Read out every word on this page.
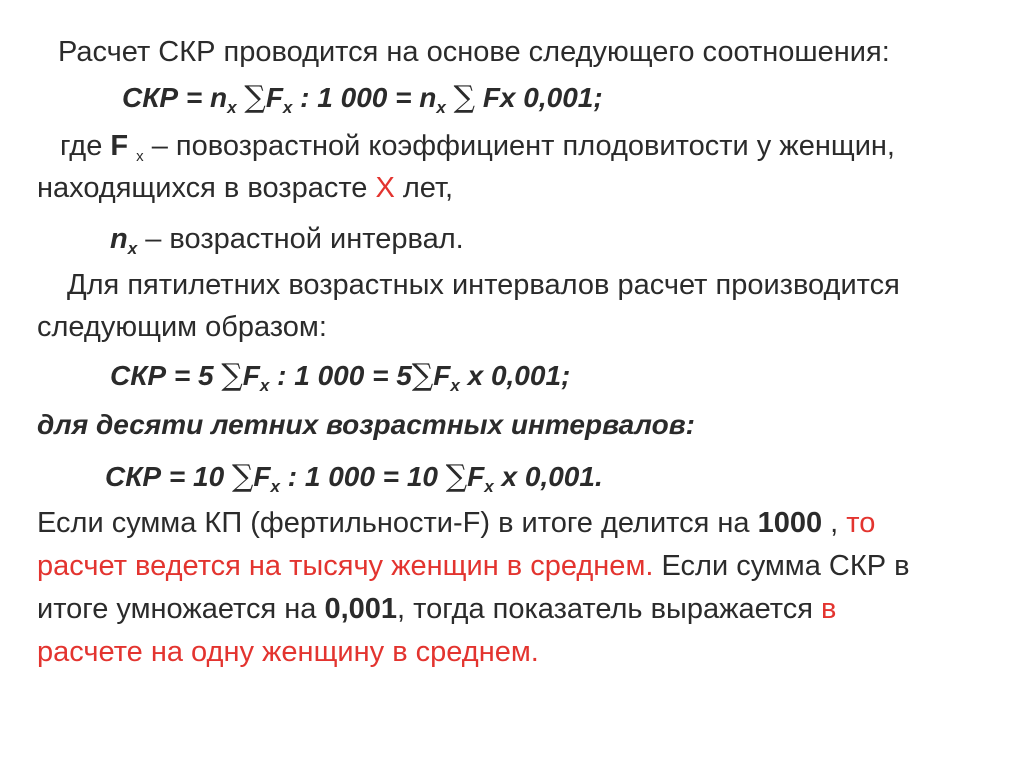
Расчет СКР проводится на основе следующего соотношения:
СКР = $n_x$ $\sum F_x$ : 1 $000 = n_x$ ∑ Fx 0,001;
где F $_x$ – повозрастной коэффициент плодовитости у женщин,
находящихся в возрасте Х лет,
$n_x$ – возрастной интервал.
Для пятилетних возрастных интервалов расчет производится
следующим образом:
СКР = 5 $\sum F_x$ : 1 $000 = 5\sum F_x$ х 0,001;
для десяти летних возрастных интервалов:
СКР = 10 $\sum F_x$ : 1 000 = 10 $\sum F_x$ х 0,001.
Если сумма КП (фертильности-F) в итоге делится на 1000 , то
расчет ведется на тысячу женщин в среднем. Если сумма СКР в
итоге умножается на 0,001, тогда показатель выражается в
расчете на одну женщину в среднем.
